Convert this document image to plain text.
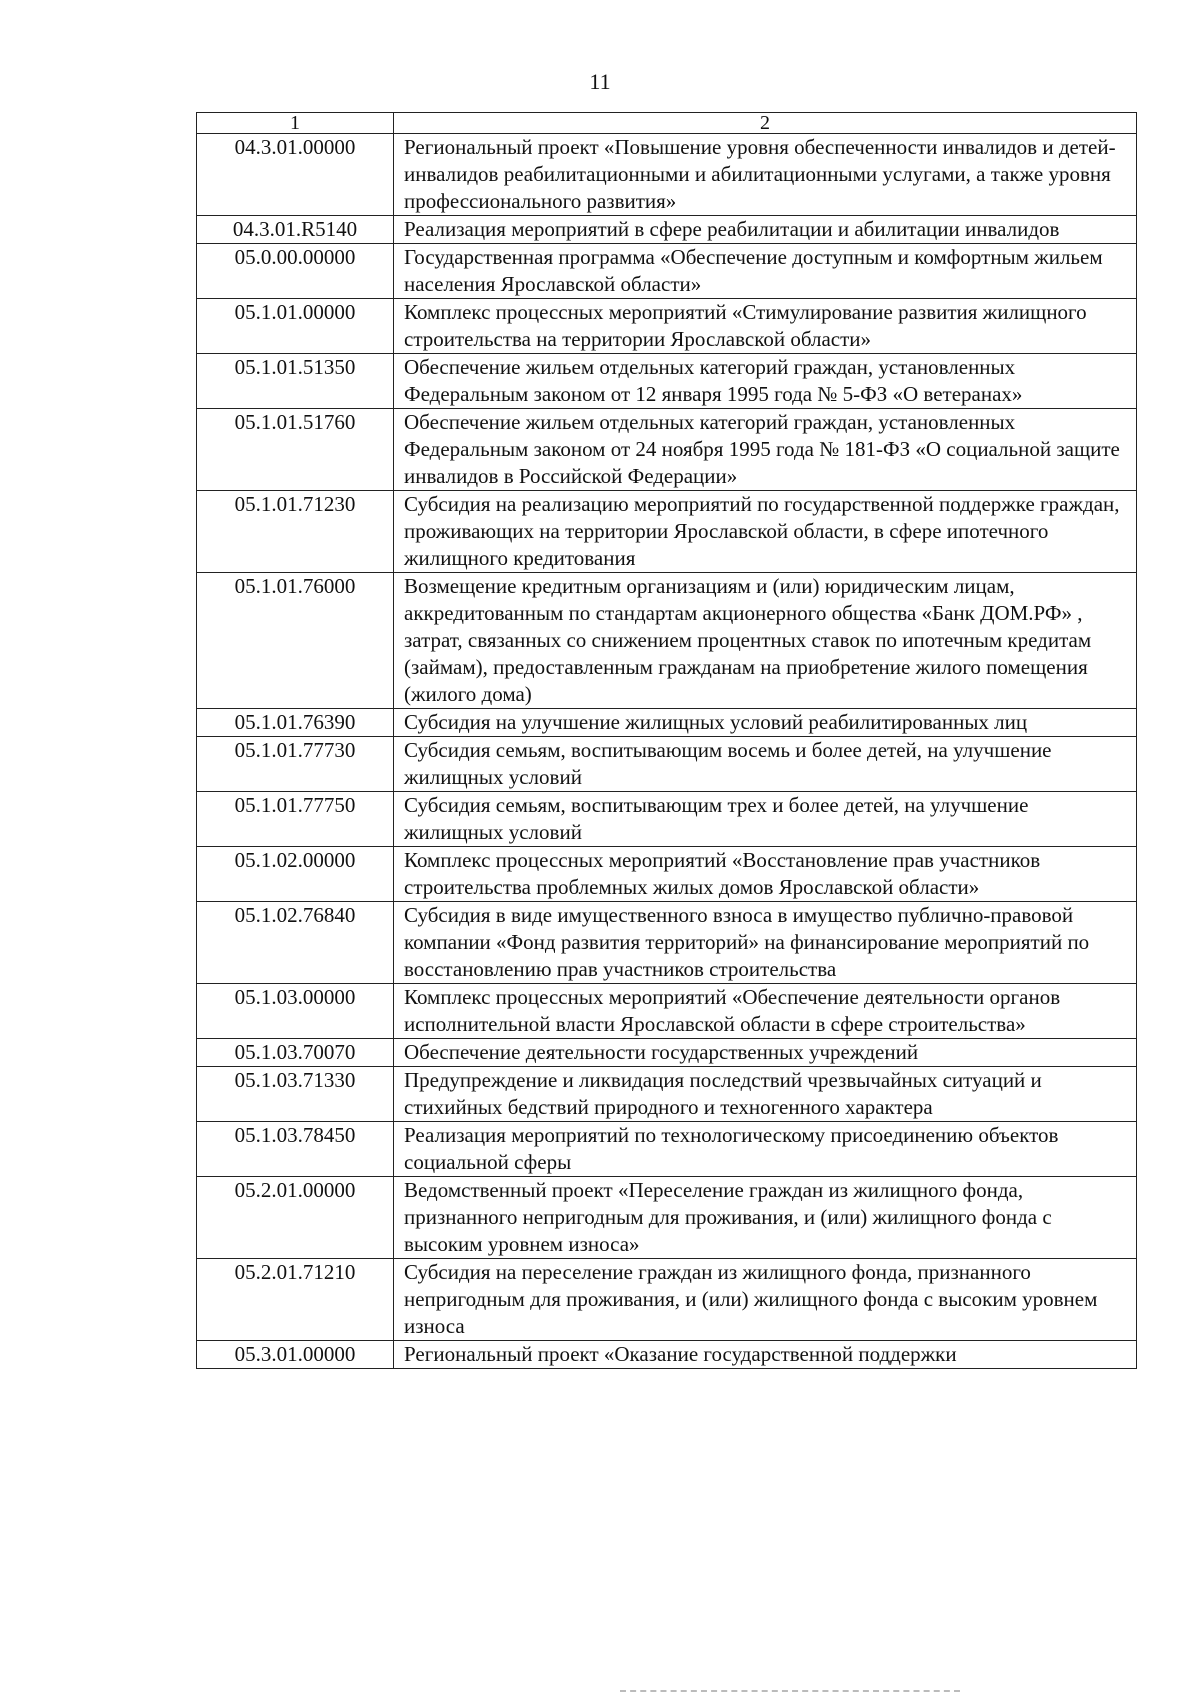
11
1	2
04.3.01.00000	Региональный проект «Повышение уровня обеспеченности инвалидов и детей-инвалидов реабилитационными и абилитационными услугами, а также уровня профессионального развития»
04.3.01.R5140	Реализация мероприятий в сфере реабилитации и абилитации инвалидов
05.0.00.00000	Государственная программа «Обеспечение доступным и комфортным жильем населения Ярославской области»
05.1.01.00000	Комплекс процессных мероприятий «Стимулирование развития жилищного строительства на территории Ярославской области»
05.1.01.51350	Обеспечение жильем отдельных категорий граждан, установленных Федеральным законом от 12 января 1995 года № 5-ФЗ «О ветеранах»
05.1.01.51760	Обеспечение жильем отдельных категорий граждан, установленных Федеральным законом от 24 ноября 1995 года № 181-ФЗ «О социальной защите инвалидов в Российской Федерации»
05.1.01.71230	Субсидия на реализацию мероприятий по государственной поддержке граждан, проживающих на территории Ярославской области, в сфере ипотечного жилищного кредитования
05.1.01.76000	Возмещение кредитным организациям и (или) юридическим лицам, аккредитованным по стандартам акционерного общества «Банк ДОМ.РФ» , затрат, связанных со снижением процентных ставок по ипотечным кредитам (займам), предоставленным гражданам на приобретение жилого помещения (жилого дома)
05.1.01.76390	Субсидия на улучшение жилищных условий реабилитированных лиц
05.1.01.77730	Субсидия семьям, воспитывающим восемь и более детей, на улучшение жилищных условий
05.1.01.77750	Субсидия семьям, воспитывающим трех и более детей, на улучшение жилищных условий
05.1.02.00000	Комплекс процессных мероприятий «Восстановление прав участников строительства проблемных жилых домов Ярославской области»
05.1.02.76840	Субсидия в виде имущественного взноса в имущество публично-правовой компании «Фонд развития территорий» на финансирование мероприятий по восстановлению прав участников строительства
05.1.03.00000	Комплекс процессных мероприятий «Обеспечение деятельности органов исполнительной власти Ярославской области в сфере строительства»
05.1.03.70070	Обеспечение деятельности государственных учреждений
05.1.03.71330	Предупреждение и ликвидация последствий чрезвычайных ситуаций и стихийных бедствий природного и техногенного характера
05.1.03.78450	Реализация мероприятий по технологическому присоединению объектов социальной сферы
05.2.01.00000	Ведомственный проект «Переселение граждан из жилищного фонда, признанного непригодным для проживания, и (или) жилищного фонда с высоким уровнем износа»
05.2.01.71210	Субсидия на переселение граждан из жилищного фонда, признанного непригодным для проживания, и (или) жилищного фонда с высоким уровнем износа
05.3.01.00000	Региональный проект «Оказание государственной поддержки
